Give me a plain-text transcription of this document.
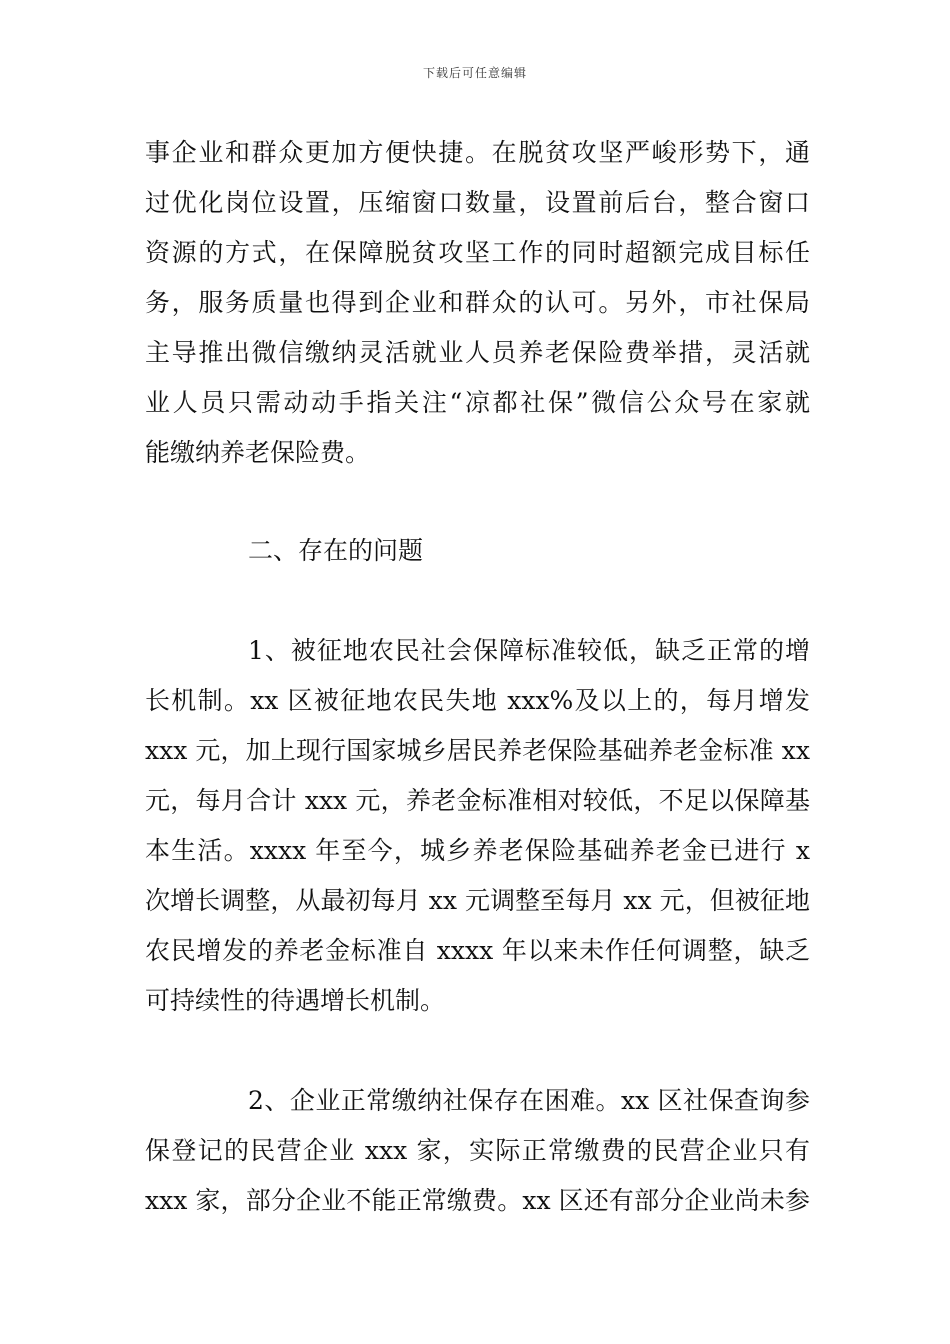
下载后可任意编辑
事企业和群众更加方便快捷。在脱贫攻坚严峻形势下，通
过优化岗位设置，压缩窗口数量，设置前后台，整合窗口
资源的方式，在保障脱贫攻坚工作的同时超额完成目标任
务，服务质量也得到企业和群众的认可。另外，市社保局
主导推出微信缴纳灵活就业人员养老保险费举措，灵活就
业人员只需动动手指关注“凉都社保”微信公众号在家就
能缴纳养老保险费。
二、存在的问题
1、被征地农民社会保障标准较低，缺乏正常的增
长机制。xx 区被征地农民失地 xxx%及以上的，每月增发
xxx 元，加上现行国家城乡居民养老保险基础养老金标准 xx
元，每月合计 xxx 元，养老金标准相对较低，不足以保障基
本生活。xxxx 年至今，城乡养老保险基础养老金已进行 x
次增长调整，从最初每月 xx 元调整至每月 xx 元，但被征地
农民增发的养老金标准自 xxxx 年以来未作任何调整，缺乏
可持续性的待遇增长机制。
2、企业正常缴纳社保存在困难。xx 区社保查询参
保登记的民营企业 xxx 家，实际正常缴费的民营企业只有
xxx 家，部分企业不能正常缴费。xx 区还有部分企业尚未参
